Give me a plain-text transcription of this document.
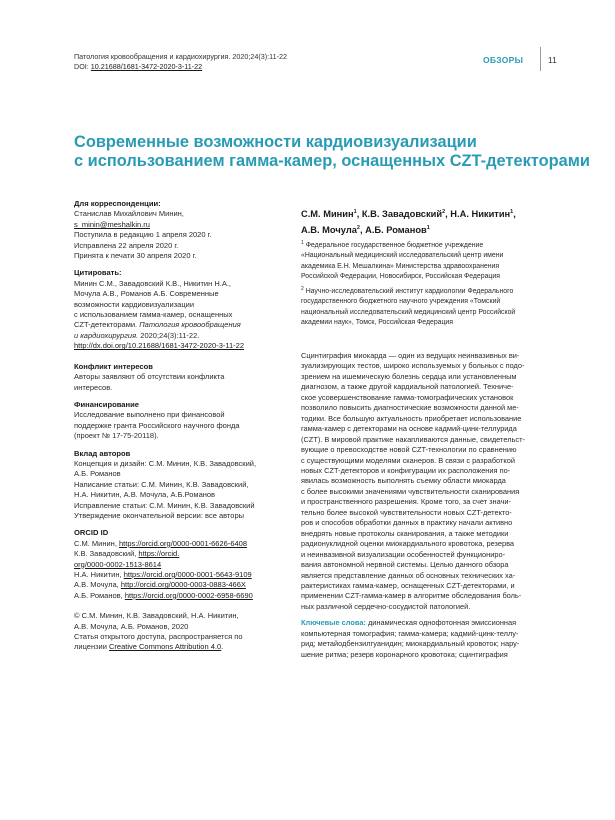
Патология кровообращения и кардиохирургия. 2020;24(3):11-22
DOI: 10.21688/1681-3472-2020-3-11-22
ОБЗОРЫ	11
Современные возможности кардиовизуализации
с использованием гамма-камер, оснащенных CZT-детекторами
Для корреспонденции:
Станислав Михайлович Минин,
s_minin@meshalkin.ru
Поступила в редакцию 1 апреля 2020 г.
Исправлена 22 апреля 2020 г.
Принята к печати 30 апреля 2020 г.
Цитировать:
Минин С.М., Завадовский К.В., Никитин Н.А.,
Мочула А.В., Романов А.Б. Современные
возможности кардиовизуализации
с использованием гамма-камер, оснащенных
CZT-детекторами. Патология кровообращения
и кардиохирургия. 2020;24(3):11-22.
http://dx.doi.org/10.21688/1681-3472-2020-3-11-22
Конфликт интересов
Авторы заявляют об отсутствии конфликта
интересов.
Финансирование
Исследование выполнено при финансовой
поддержке гранта Российского научного фонда
(проект № 17-75-20118).
Вклад авторов
Концепция и дизайн: С.М. Минин, К.В. Завадовский,
А.Б. Романов
Написание статьи: С.М. Минин, К.В. Завадовский,
Н.А. Никитин, А.В. Мочула, А.Б.Романов
Исправление статьи: С.М. Минин, К.В. Завадовский
Утверждение окончательной версии: все авторы
ORCID ID
С.М. Минин, https://orcid.org/0000-0001-6626-6408
К.В. Завадовский, https://orcid.
org/0000-0002-1513-8614
Н.А. Никитин, https://orcid.org/0000-0001-5643-9109
А.В. Мочула, http://orcid.org/0000-0003-0883-466X
А.Б. Романов, https://orcid.org/0000-0002-6958-6690
© С.М. Минин, К.В. Завадовский, Н.А. Никитин,
А.В. Мочула, А.Б. Романов, 2020
Статья открытого доступа, распространяется по
лицензии Creative Commons Attribution 4.0.
С.М. Минин$^1$, К.В. Завадовский$^2$, Н.А. Никитин$^1$,
А.В. Мочула$^2$, А.Б. Романов$^1$
$^1$ Федеральное государственное бюджетное учреждение
«Национальный медицинский исследовательский центр имени
академика Е.Н. Мешалкина» Министерства здравоохранения
Российской Федерации, Новосибирск, Российская Федерация
$^2$ Научно-исследовательский институт кардиологии Федерального
государственного бюджетного научного учреждения «Томский
национальный исследовательский медицинский центр Российской
академии наук», Томск, Российская Федерация
Сцинтиграфия миокарда — один из ведущих неинвазивных ви-
зуализирующих тестов, широко используемых у больных с подо-
зрением на ишемическую болезнь сердца или установленным
диагнозом, а также другой кардиальной патологией. Техниче-
ское усовершенствование гамма-томографических установок
позволило повысить диагностические возможности данной ме-
тодики. Все большую актуальность приобретает использование
гамма-камер с детекторами на основе кадмий-цинк-теллурида
(CZT). В мировой практике накапливаются данные, свидетельст-
вующие о превосходстве новой CZT-технологии по сравнению
с существующими моделями сканеров. В связи с разработкой
новых CZT-детекторов и конфигурации их расположения по-
явилась возможность выполнять съемку области миокарда
с более высокими значениями чувствительности сканирования
и пространственного разрешения. Кроме того, за счет значи-
тельно более высокой чувствительности новых CZT-детекто-
ров и способов обработки данных в практику начали активно
внедрять новые протоколы сканирования, а также методики
радионуклидной оценки миокардиального кровотока, резерва
и неинвазивной визуализации особенностей функциониро-
вания автономной нервной системы. Целью данного обзора
является представление данных об основных технических ха-
рактеристиках гамма-камер, оснащенных CZT-детекторами, и
применении CZT-гамма-камер в алгоритме обследования боль-
ных различной сердечно-сосудистой патологией.
Ключевые слова: динамическая однофотонная эмиссионная
компьютерная томография; гамма-камера; кадмий-цинк-теллу-
рид; метайодбензилгуанидин; миокардиальный кровоток; нару-
шение ритма; резерв коронарного кровотока; сцинтиграфия
